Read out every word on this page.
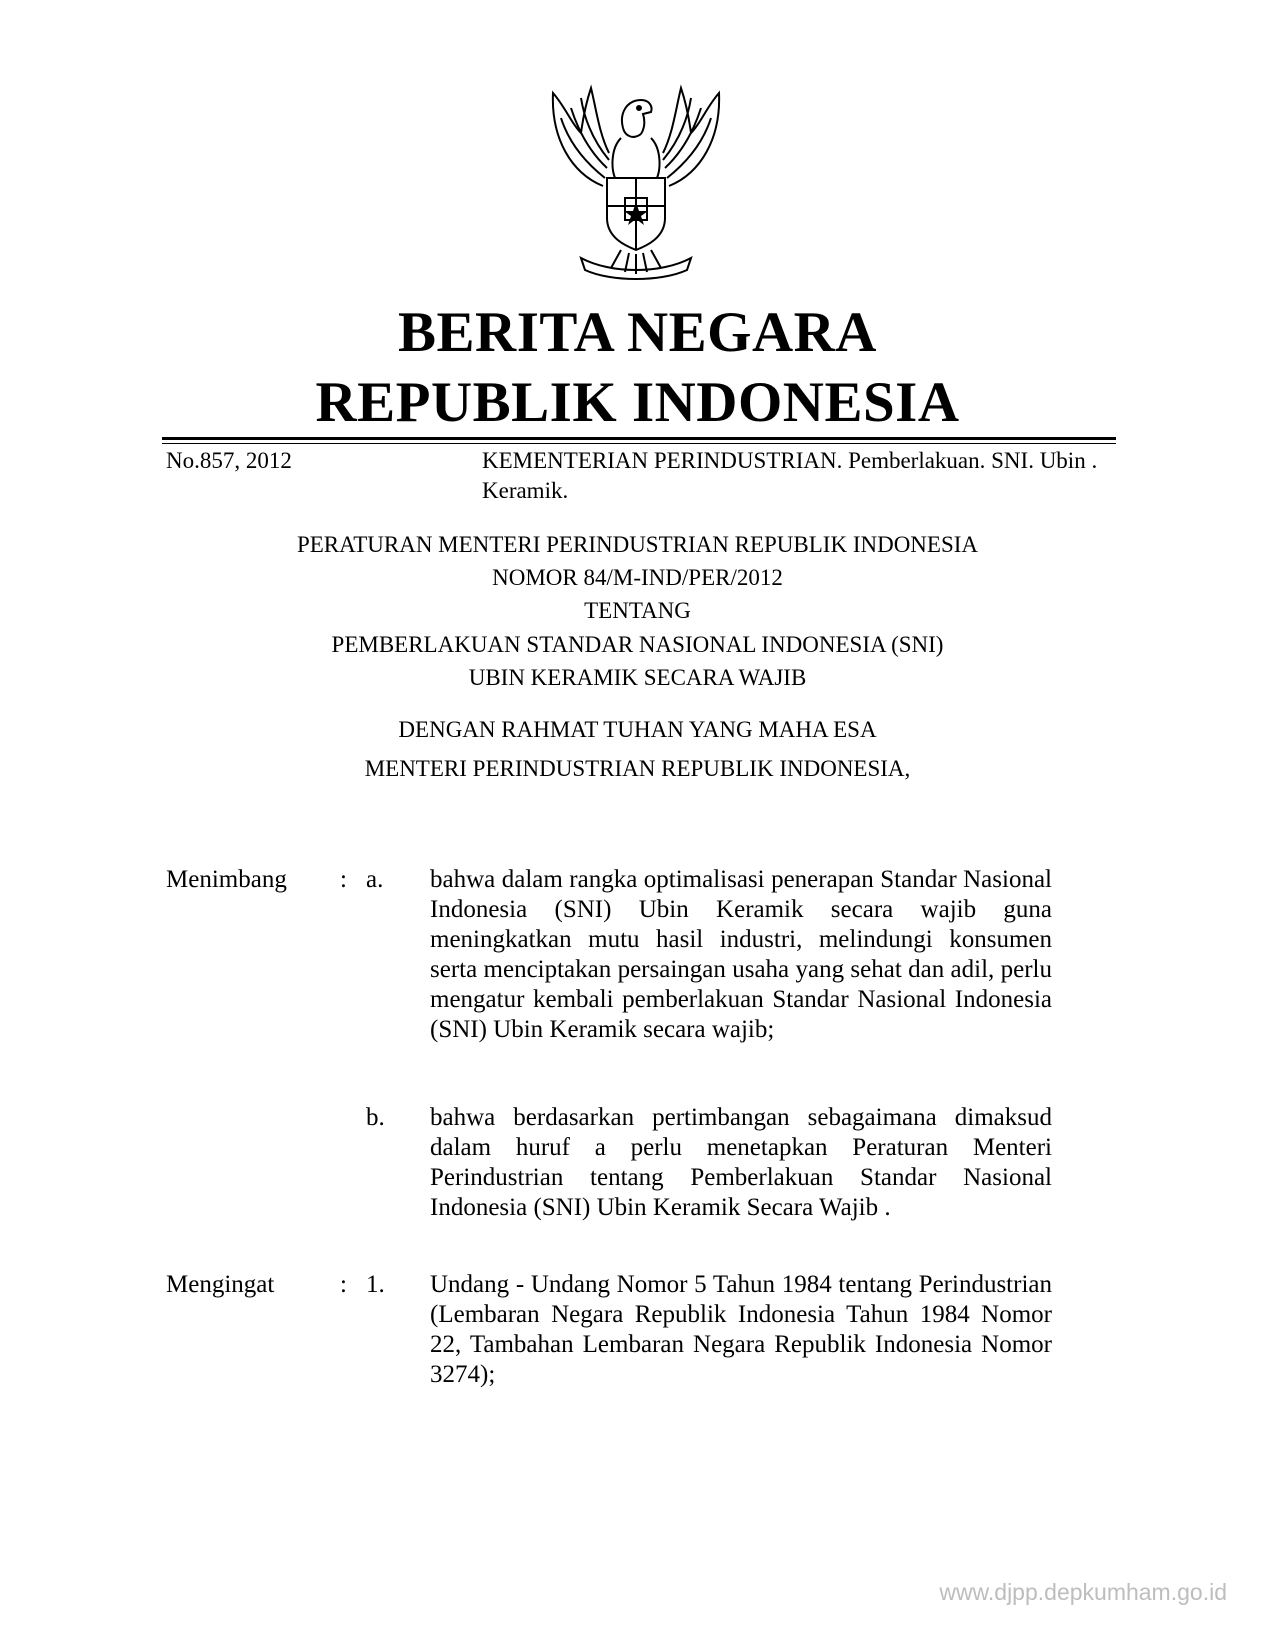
BERITA NEGARA
REPUBLIK INDONESIA
No.857, 2012	KEMENTERIAN PERINDUSTRIAN. Pemberlakuan. SNI. Ubin . Keramik.
PERATURAN MENTERI PERINDUSTRIAN REPUBLIK INDONESIA
NOMOR 84/M-IND/PER/2012
TENTANG
PEMBERLAKUAN STANDAR NASIONAL INDONESIA (SNI)
UBIN KERAMIK SECARA WAJIB
DENGAN RAHMAT TUHAN YANG MAHA ESA
MENTERI PERINDUSTRIAN REPUBLIK INDONESIA,
Menimbang : a. bahwa dalam rangka optimalisasi penerapan Standar Nasional Indonesia (SNI) Ubin Keramik secara wajib guna meningkatkan mutu hasil industri, melindungi konsumen serta menciptakan persaingan usaha yang sehat dan adil, perlu mengatur kembali pemberlakuan Standar Nasional Indonesia (SNI) Ubin Keramik secara wajib;
b. bahwa berdasarkan pertimbangan sebagaimana dimaksud dalam huruf a perlu menetapkan Peraturan Menteri Perindustrian tentang Pemberlakuan Standar Nasional Indonesia (SNI) Ubin Keramik Secara Wajib .
Mengingat	: 1. Undang - Undang Nomor 5 Tahun 1984 tentang Perindustrian (Lembaran Negara Republik Indonesia Tahun 1984 Nomor 22, Tambahan Lembaran Negara Republik Indonesia Nomor 3274);
www.djpp.depkumham.go.id
